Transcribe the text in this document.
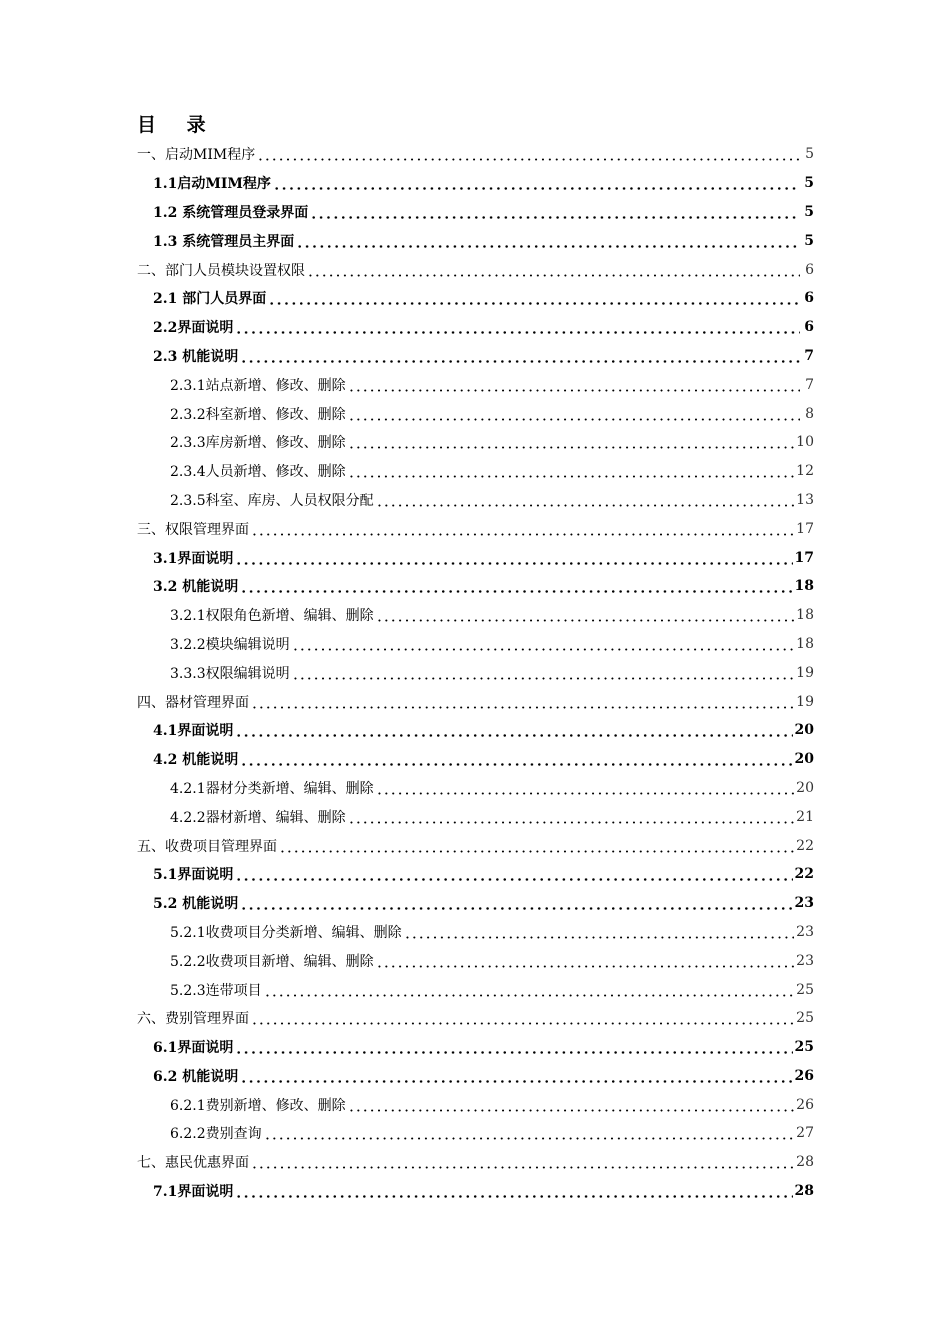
目 录
一、启动MIM程序	5
1.1启动MIM程序	5
1.2 系统管理员登录界面	5
1.3 系统管理员主界面	5
二、部门人员模块设置权限	6
2.1 部门人员界面	6
2.2界面说明	6
2.3 机能说明	7
2.3.1站点新增、修改、删除	7
2.3.2科室新增、修改、删除	8
2.3.3库房新增、修改、删除	10
2.3.4人员新增、修改、删除	12
2.3.5科室、库房、人员权限分配	13
三、权限管理界面	17
3.1界面说明	17
3.2 机能说明	18
3.2.1权限角色新增、编辑、删除	18
3.2.2模块编辑说明	18
3.3.3权限编辑说明	19
四、器材管理界面	19
4.1界面说明	20
4.2 机能说明	20
4.2.1器材分类新增、编辑、删除	20
4.2.2器材新增、编辑、删除	21
五、收费项目管理界面	22
5.1界面说明	22
5.2 机能说明	23
5.2.1收费项目分类新增、编辑、删除	23
5.2.2收费项目新增、编辑、删除	23
5.2.3连带项目	25
六、费别管理界面	25
6.1界面说明	25
6.2 机能说明	26
6.2.1费别新增、修改、删除	26
6.2.2费别查询	27
七、惠民优惠界面	28
7.1界面说明	28
